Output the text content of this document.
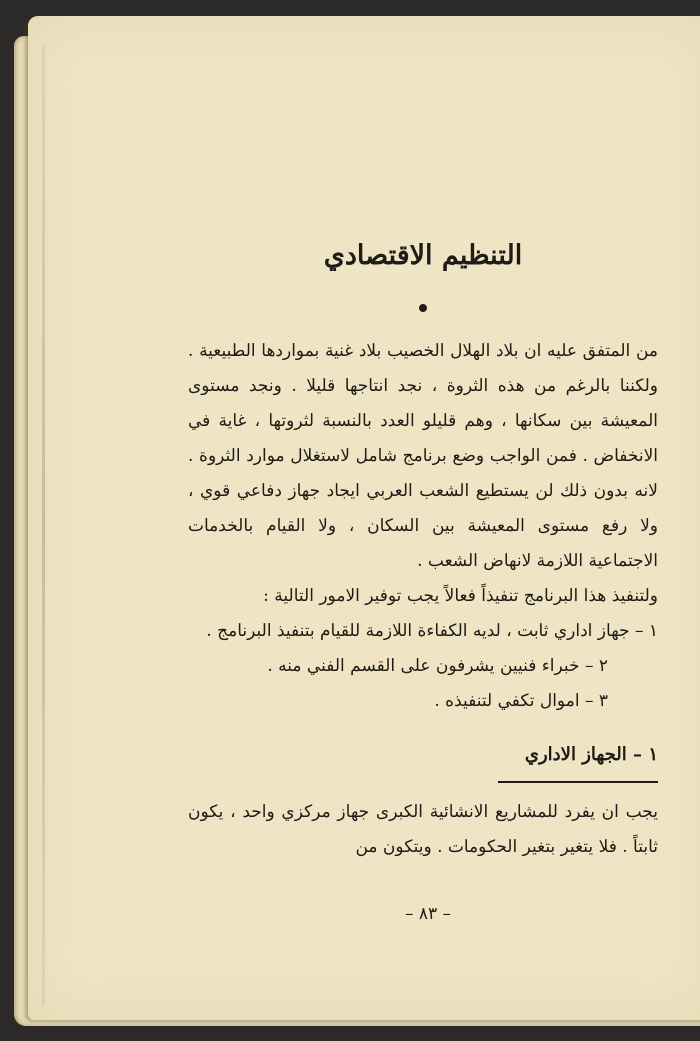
التنظيم الاقتصادي

من المتفق عليه ان بلاد الهلال الخصيب بلاد غنية بمواردها الطبيعية . ولكننا بالرغم من هذه الثروة ، نجد انتاجها قليلا . ونجد مستوى المعيشة بين سكانها ، وهم قليلو العدد بالنسبة لثروتها ، غاية في الانخفاض . فمن الواجب وضع برنامج شامل لاستغلال موارد الثروة . لانه بدون ذلك لن يستطيع الشعب العربي ايجاد جهاز دفاعي قوي ، ولا رفع مستوى المعيشة بين السكان ، ولا القيام بالخدمات الاجتماعية اللازمة لانهاض الشعب .

ولتنفيذ هذا البرنامج تنفيذاً فعالاً يجب توفير الامور التالية :

١ – جهاز اداري ثابت ، لديه الكفاءة اللازمة للقيام بتنفيذ البرنامج .

٢ – خبراء فنيين يشرفون على القسم الفني منه .

٣ – اموال تكفي لتنفيذه .

١ – الجهاز الاداري

يجب ان يفرد للمشاريع الانشائية الكبرى جهاز مركزي واحد ، يكون ثابتاً . فلا يتغير بتغير الحكومات . ويتكون من

– ٨٣ –
